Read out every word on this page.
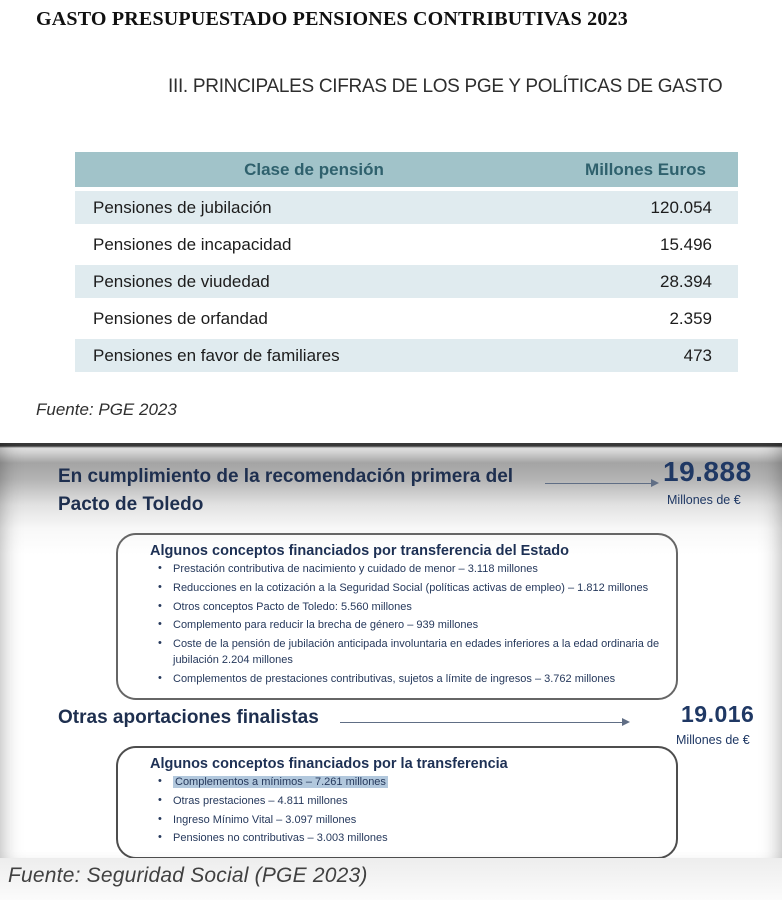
GASTO PRESUPUESTADO PENSIONES CONTRIBUTIVAS 2023
III. PRINCIPALES CIFRAS DE LOS PGE Y POLÍTICAS DE GASTO
Clase de pensión	Millones Euros
Pensiones de jubilación	120.054
Pensiones de incapacidad	15.496
Pensiones de viudedad	28.394
Pensiones de orfandad	2.359
Pensiones en favor de familiares	473
Fuente: PGE 2023
En cumplimiento de la recomendación primera del
Pacto de Toledo
19.888
Millones de €
Algunos conceptos financiados por transferencia del Estado
• Prestación contributiva de nacimiento y cuidado de menor – 3.118 millones
• Reducciones en la cotización a la Seguridad Social (políticas activas de empleo) – 1.812 millones
• Otros conceptos Pacto de Toledo: 5.560 millones
• Complemento para reducir la brecha de género – 939 millones
• Coste de la pensión de jubilación anticipada involuntaria en edades inferiores a la edad ordinaria de jubilación 2.204 millones
• Complementos de prestaciones contributivas, sujetos a límite de ingresos – 3.762 millones
Otras aportaciones finalistas	19.016
Millones de €
Algunos conceptos financiados por la transferencia
• Complementos a mínimos – 7.261 millones
• Otras prestaciones – 4.811 millones
• Ingreso Mínimo Vital – 3.097 millones
• Pensiones no contributivas – 3.003 millones
Fuente: Seguridad Social (PGE 2023)
